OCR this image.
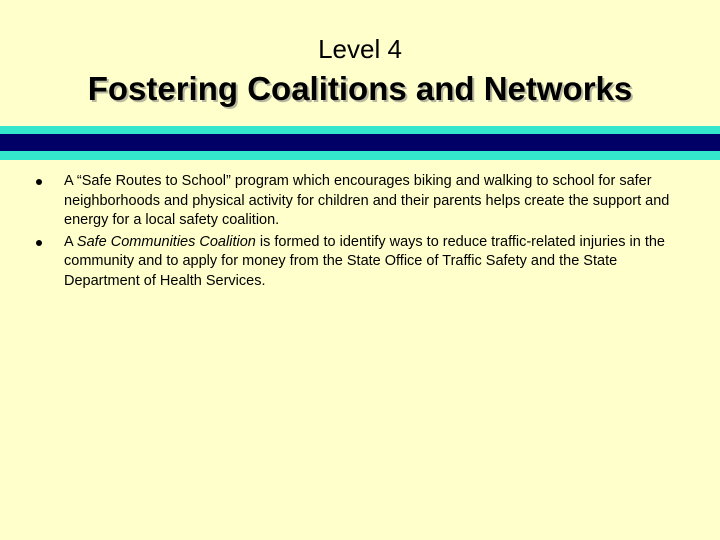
Level 4
Fostering Coalitions and Networks
A “Safe Routes to School” program which encourages biking and walking to school for safer neighborhoods and physical activity for children and their parents helps create the support and energy for a local safety coalition.
A Safe Communities Coalition is formed to identify ways to reduce traffic-related injuries in the community and to apply for money from the State Office of Traffic Safety and the State Department of Health Services.
